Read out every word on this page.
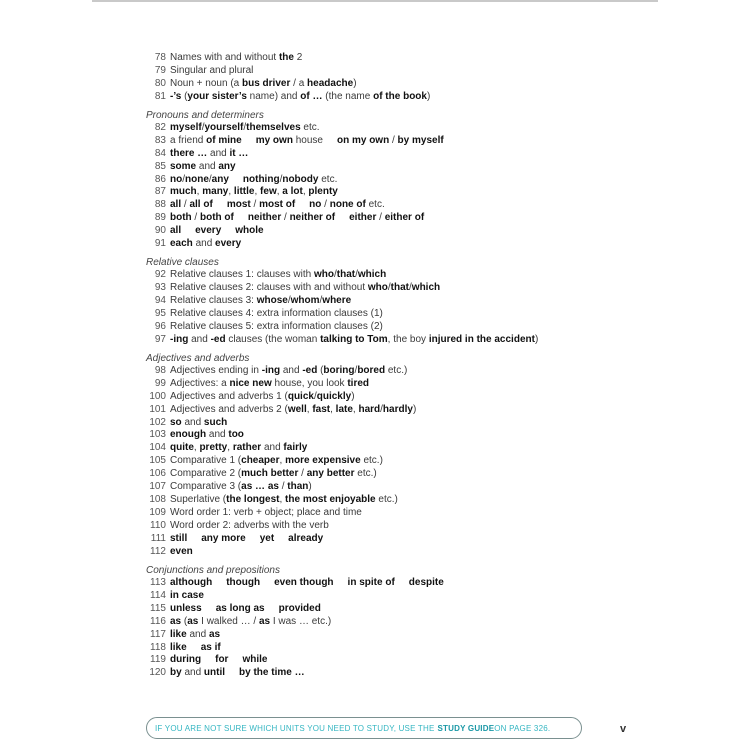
78 Names with and without the 2
79 Singular and plural
80 Noun + noun (a bus driver / a headache)
81 -’s (your sister’s name) and of … (the name of the book)
Pronouns and determiners
82 myself/yourself/themselves etc.
83 a friend of mine my own house on my own / by myself
84 there … and it …
85 some and any
86 no/none/any nothing/nobody etc.
87 much, many, little, few, a lot, plenty
88 all / all of most / most of no / none of etc.
89 both / both of neither / neither of either / either of
90 all every whole
91 each and every
Relative clauses
92 Relative clauses 1: clauses with who/that/which
93 Relative clauses 2: clauses with and without who/that/which
94 Relative clauses 3: whose/whom/where
95 Relative clauses 4: extra information clauses (1)
96 Relative clauses 5: extra information clauses (2)
97 -ing and -ed clauses (the woman talking to Tom, the boy injured in the accident)
Adjectives and adverbs
98 Adjectives ending in -ing and -ed (boring/bored etc.)
99 Adjectives: a nice new house, you look tired
100 Adjectives and adverbs 1 (quick/quickly)
101 Adjectives and adverbs 2 (well, fast, late, hard/hardly)
102 so and such
103 enough and too
104 quite, pretty, rather and fairly
105 Comparative 1 (cheaper, more expensive etc.)
106 Comparative 2 (much better / any better etc.)
107 Comparative 3 (as … as / than)
108 Superlative (the longest, the most enjoyable etc.)
109 Word order 1: verb + object; place and time
110 Word order 2: adverbs with the verb
111 still any more yet already
112 even
Conjunctions and prepositions
113 although though even though in spite of despite
114 in case
115 unless as long as provided
116 as (as I walked … / as I was … etc.)
117 like and as
118 like as if
119 during for while
120 by and until by the time …
IF YOU ARE NOT SURE WHICH UNITS YOU NEED TO STUDY, USE THE STUDY GUIDE ON PAGE 326.	v
